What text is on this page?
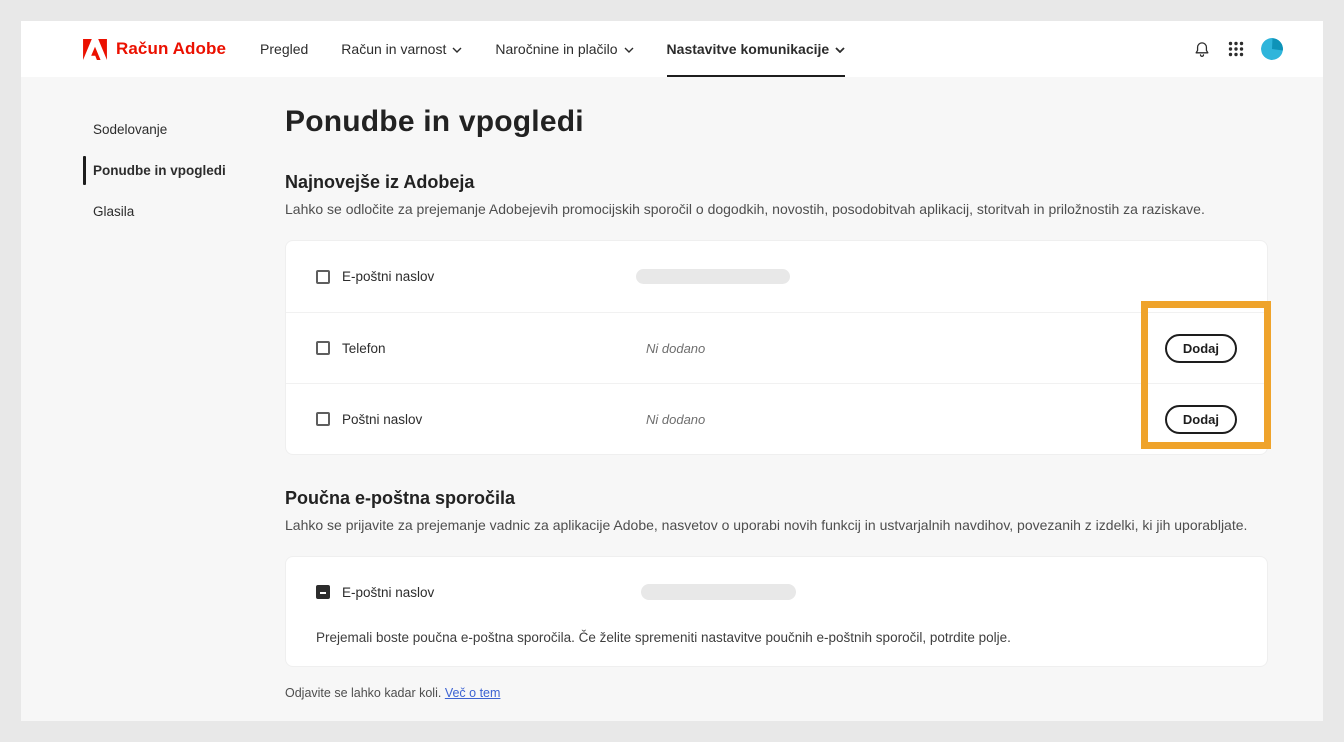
Račun Adobe Pregled Račun in varnost	Naročnine in plačilo	Nastavitve komunikacije
Sodelovanje
Ponudbe in vpogledi
Glasila
Ponudbe in vpogledi
Najnovejše iz Adobeja

Lahko se odločite za prejemanje Adobejevih promocijskih sporočil o dogodkih, novostih, posodobitvah aplikacij, storitvah in priložnostih za raziskave.

E-poštni naslov
Telefon	Ni dodano	Dodaj
Poštni naslov	Ni dodano	Dodaj
Poučna e-poštna sporočila

Lahko se prijavite za prejemanje vadnic za aplikacije Adobe, nasvetov o uporabi novih funkcij in ustvarjalnih navdihov, povezanih z izdelki, ki jih uporabljate.

E-poštni naslov

Prejemali boste poučna e-poštna sporočila. Če želite spremeniti nastavitve poučnih e-poštnih sporočil, potrdite polje.

Odjavite se lahko kadar koli. Več o tem
